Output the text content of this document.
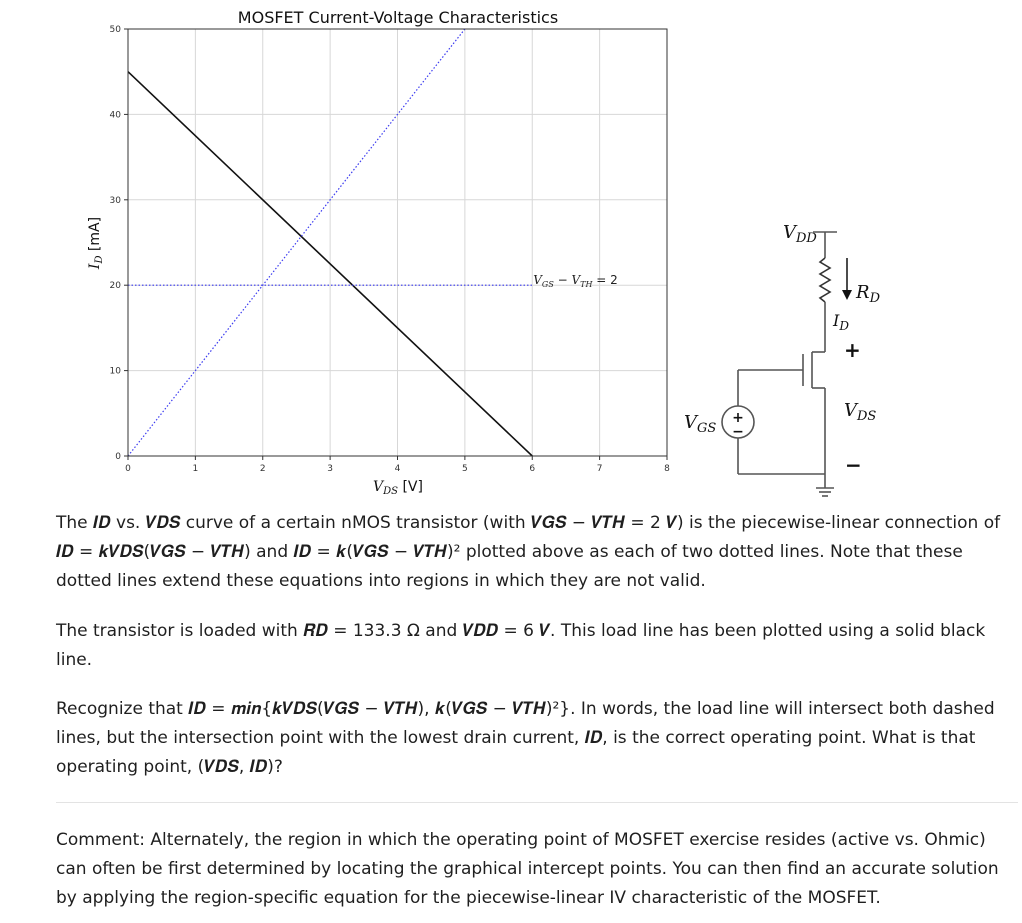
MOSFET Current-Voltage Characteristics
0	1	2	3	4	5	6	7	8
0
10
20
30
40
50
$V_{GS} - V_{TH} = 2$
$V_{DS}$ [V]
$I_D$ [mA]	$V_{DD}$
$R_D$
$I_D$
+
$V_{DS}$
−
$V_{GS}$
+
−
The 𝑰𝑫 vs. 𝑽𝑫𝑺 curve of a certain nMOS transistor (with 𝑽𝑮𝑺 − 𝑽𝑻𝑯 = 2 𝑽) is the piecewise-linear connection of 𝑰𝑫 = 𝒌𝑽𝑫𝑺(𝑽𝑮𝑺 − 𝑽𝑻𝑯) and 𝑰𝑫 = 𝒌(𝑽𝑮𝑺 − 𝑽𝑻𝑯)² plotted above as each of two dotted lines. Note that these dotted lines extend these equations into regions in which they are not valid.
The transistor is loaded with 𝑹𝑫 = 133.3 Ω and 𝑽𝑫𝑫 = 6 𝑽. This load line has been plotted using a solid black line.
Recognize that 𝑰𝑫 = 𝒎𝒊𝒏{𝒌𝑽𝑫𝑺(𝑽𝑮𝑺 − 𝑽𝑻𝑯), 𝒌(𝑽𝑮𝑺 − 𝑽𝑻𝑯)²}. In words, the load line will intersect both dashed lines, but the intersection point with the lowest drain current, 𝑰𝑫, is the correct operating point. What is that operating point, (𝑽𝑫𝑺, 𝑰𝑫)?
Comment: Alternately, the region in which the operating point of MOSFET exercise resides (active vs. Ohmic) can often be first determined by locating the graphical intercept points. You can then find an accurate solution by applying the region-specific equation for the piecewise-linear IV characteristic of the MOSFET.
